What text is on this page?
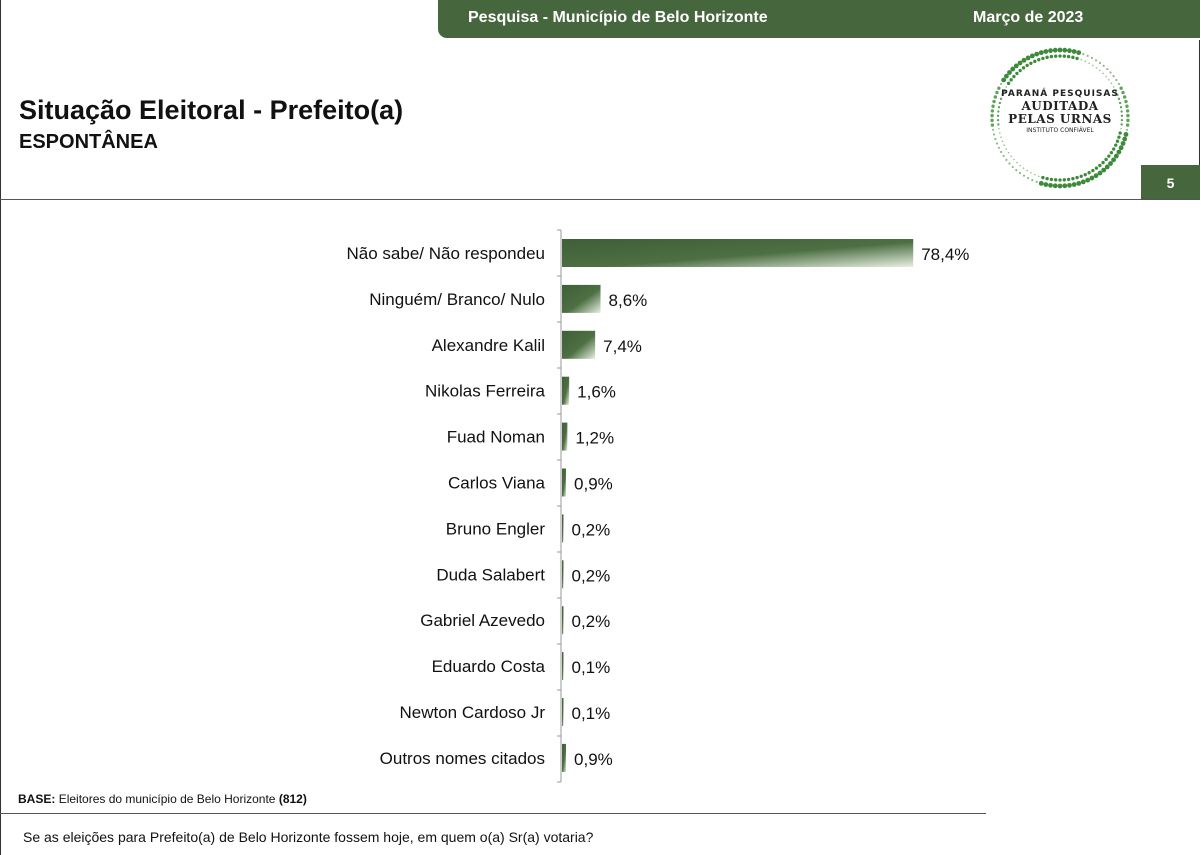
Pesquisa - Município de Belo Horizonte	Março de 2023
Situação Eleitoral - Prefeito(a)
ESPONTÂNEA
PARANÁ PESQUISAS
AUDITADA
PELAS URNAS
INSTITUTO CONFIÁVEL
5
Não sabe/ Não respondeu	78,4%
Ninguém/ Branco/ Nulo	8,6%
Alexandre Kalil	7,4%
Nikolas Ferreira 1,6%
Fuad Noman 1,2%
Carlos Viana 0,9%
Bruno Engler 0,2%
Duda Salabert 0,2%
Gabriel Azevedo 0,2%
Eduardo Costa 0,1%
Newton Cardoso Jr 0,1%
Outros nomes citados 0,9%
BASE: Eleitores do município de Belo Horizonte (812)
Se as eleições para Prefeito(a) de Belo Horizonte fossem hoje, em quem o(a) Sr(a) votaria?
